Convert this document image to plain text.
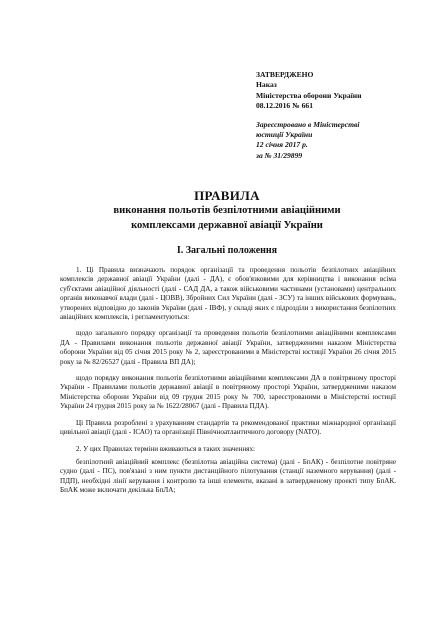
ЗАТВЕРДЖЕНО
Наказ
Міністерства оборони України
08.12.2016 № 661
Зареєстровано в Міністерстві
юстиції України
12 січня 2017 р.
за № 31/29899
ПРАВИЛА
виконання польотів безпілотними авіаційними
комплексами державної авіації України
І. Загальні положення

1. Ці Правила визначають порядок організації та проведення польотів безпілотних авіаційних комплексів державної авіації України (далі - ДА), є обов'язковими для керівництва і виконання всіма суб'єктами авіаційної діяльності (далі - САД ДА, а також військовими частинами (установами) центральних органів виконавчої влади (далі - ЦОВВ), Збройних Сил України (далі - ЗСУ) та інших військових формувань, утворених відповідно до законів України (далі - ІВФ), у складі яких є підрозділи з використання безпілотних авіаційних комплексів, і регламентуються:

щодо загального порядку організації та проведення польотів безпілотними авіаційними комплексами ДА - Правилами виконання польотів державної авіації України, затвердженими наказом Міністерства оборони України від 05 січня 2015 року № 2, зареєстрованими в Міністерстві юстиції України 26 січня 2015 року за № 82/26527 (далі - Правила ВП ДА);

щодо порядку виконання польотів безпілотними авіаційними комплексами ДА в повітряному просторі України - Правилами польотів державної авіації в повітряному просторі України, затвердженими наказом Міністерства оборони України від 09 грудня 2015 року № 700, зареєстрованими в Міністерстві юстиції України 24 грудня 2015 року за № 1622/28067 (далі - Правила ПДА).

Ці Правила розроблені з урахуванням стандартів та рекомендованої практики міжнародної організації цивільної авіації (далі - ІСАО) та організації Північноатлантичного договору (NATO).

2. У цих Правилах терміни вживаються в таких значеннях:

безпілотний авіаційний комплекс (безпілотна авіаційна система) (далі - БпАК) - безпілотне повітряне судно (далі - ПС), пов'язані з ним пункти дистанційного пілотування (станції наземного керування) (далі - ПДП), необхідні лінії керування і контролю та інші елементи, вказані в затвердженому проекті типу БпАК. БпАК може включати декілька БпЛА;
